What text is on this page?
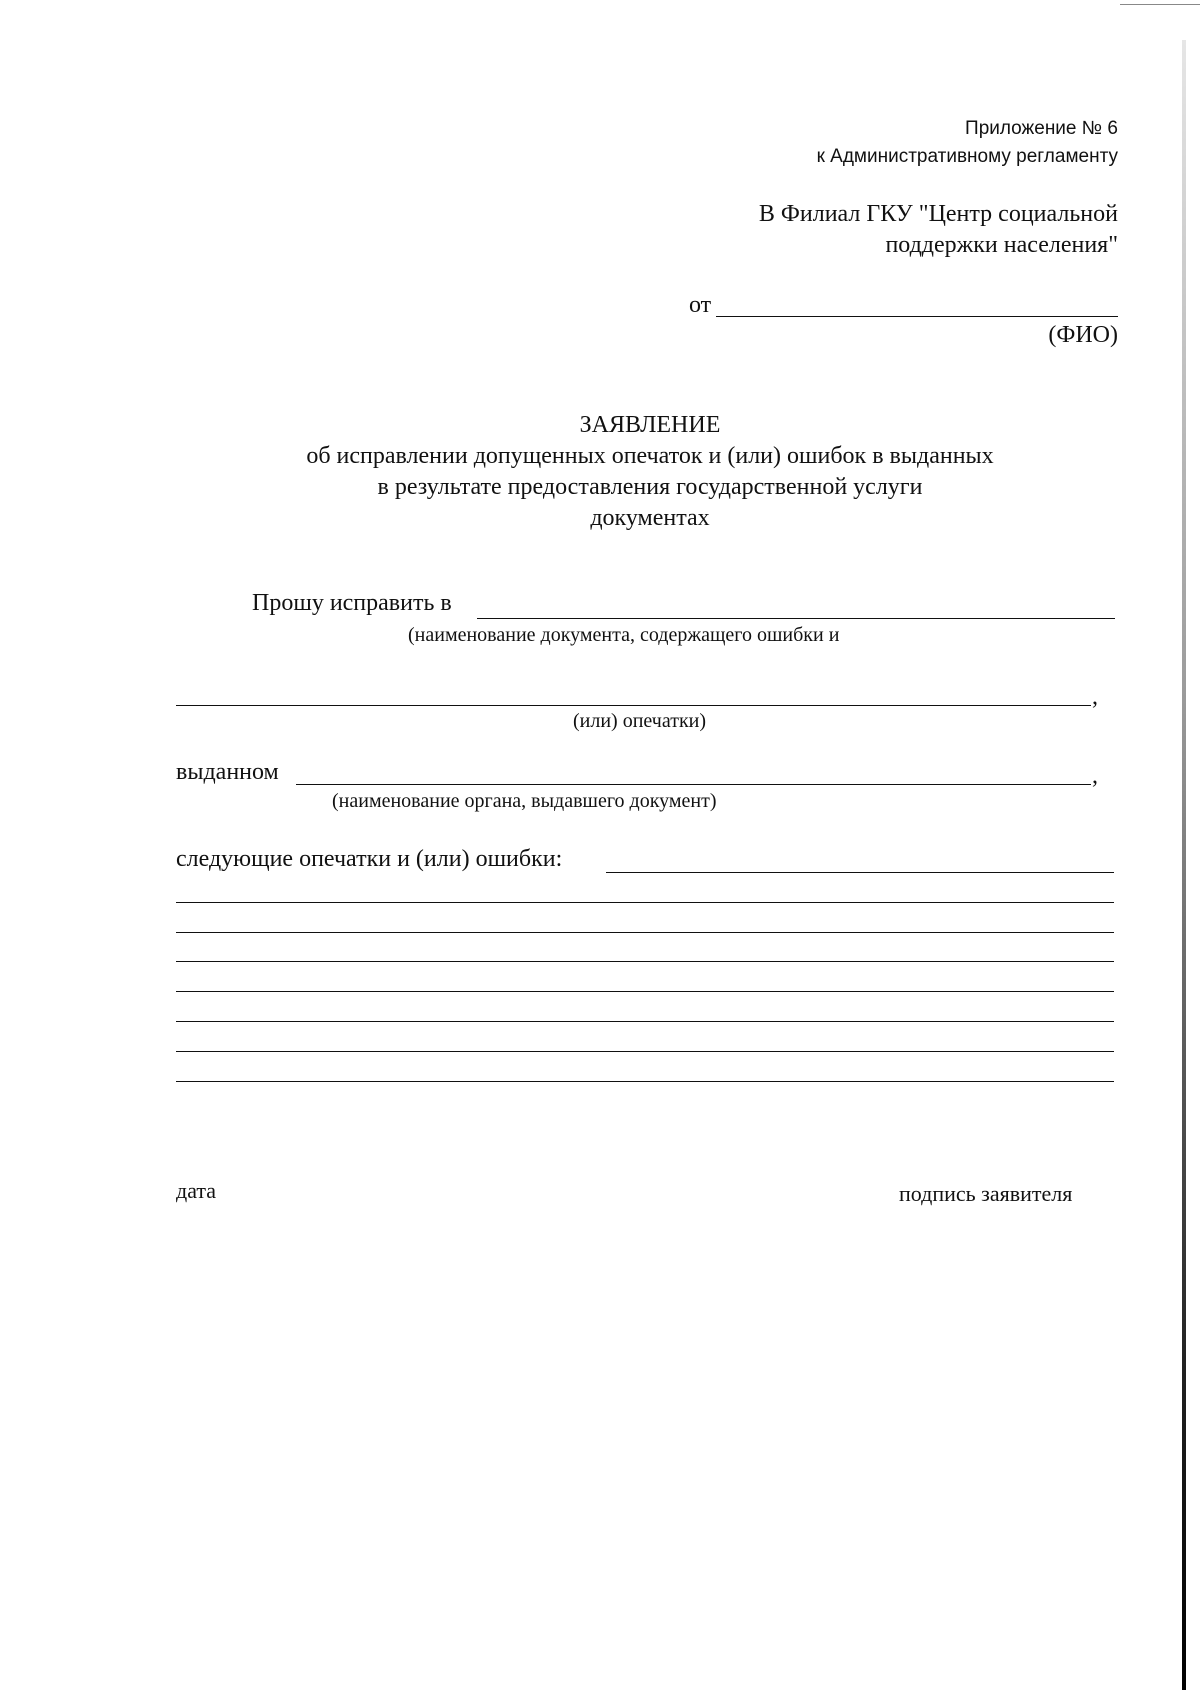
Приложение № 6
к Административному регламенту
В Филиал ГКУ "Центр социальной
поддержки населения"
от
(ФИО)
ЗАЯВЛЕНИЕ
об исправлении допущенных опечаток и (или) ошибок в выданных
в результате предоставления государственной услуги
документах
Прошу исправить в
(наименование документа, содержащего ошибки и
,
(или) опечатки)
выданном	,
(наименование органа, выдавшего документ)
следующие опечатки и (или) ошибки:
дата	подпись заявителя
